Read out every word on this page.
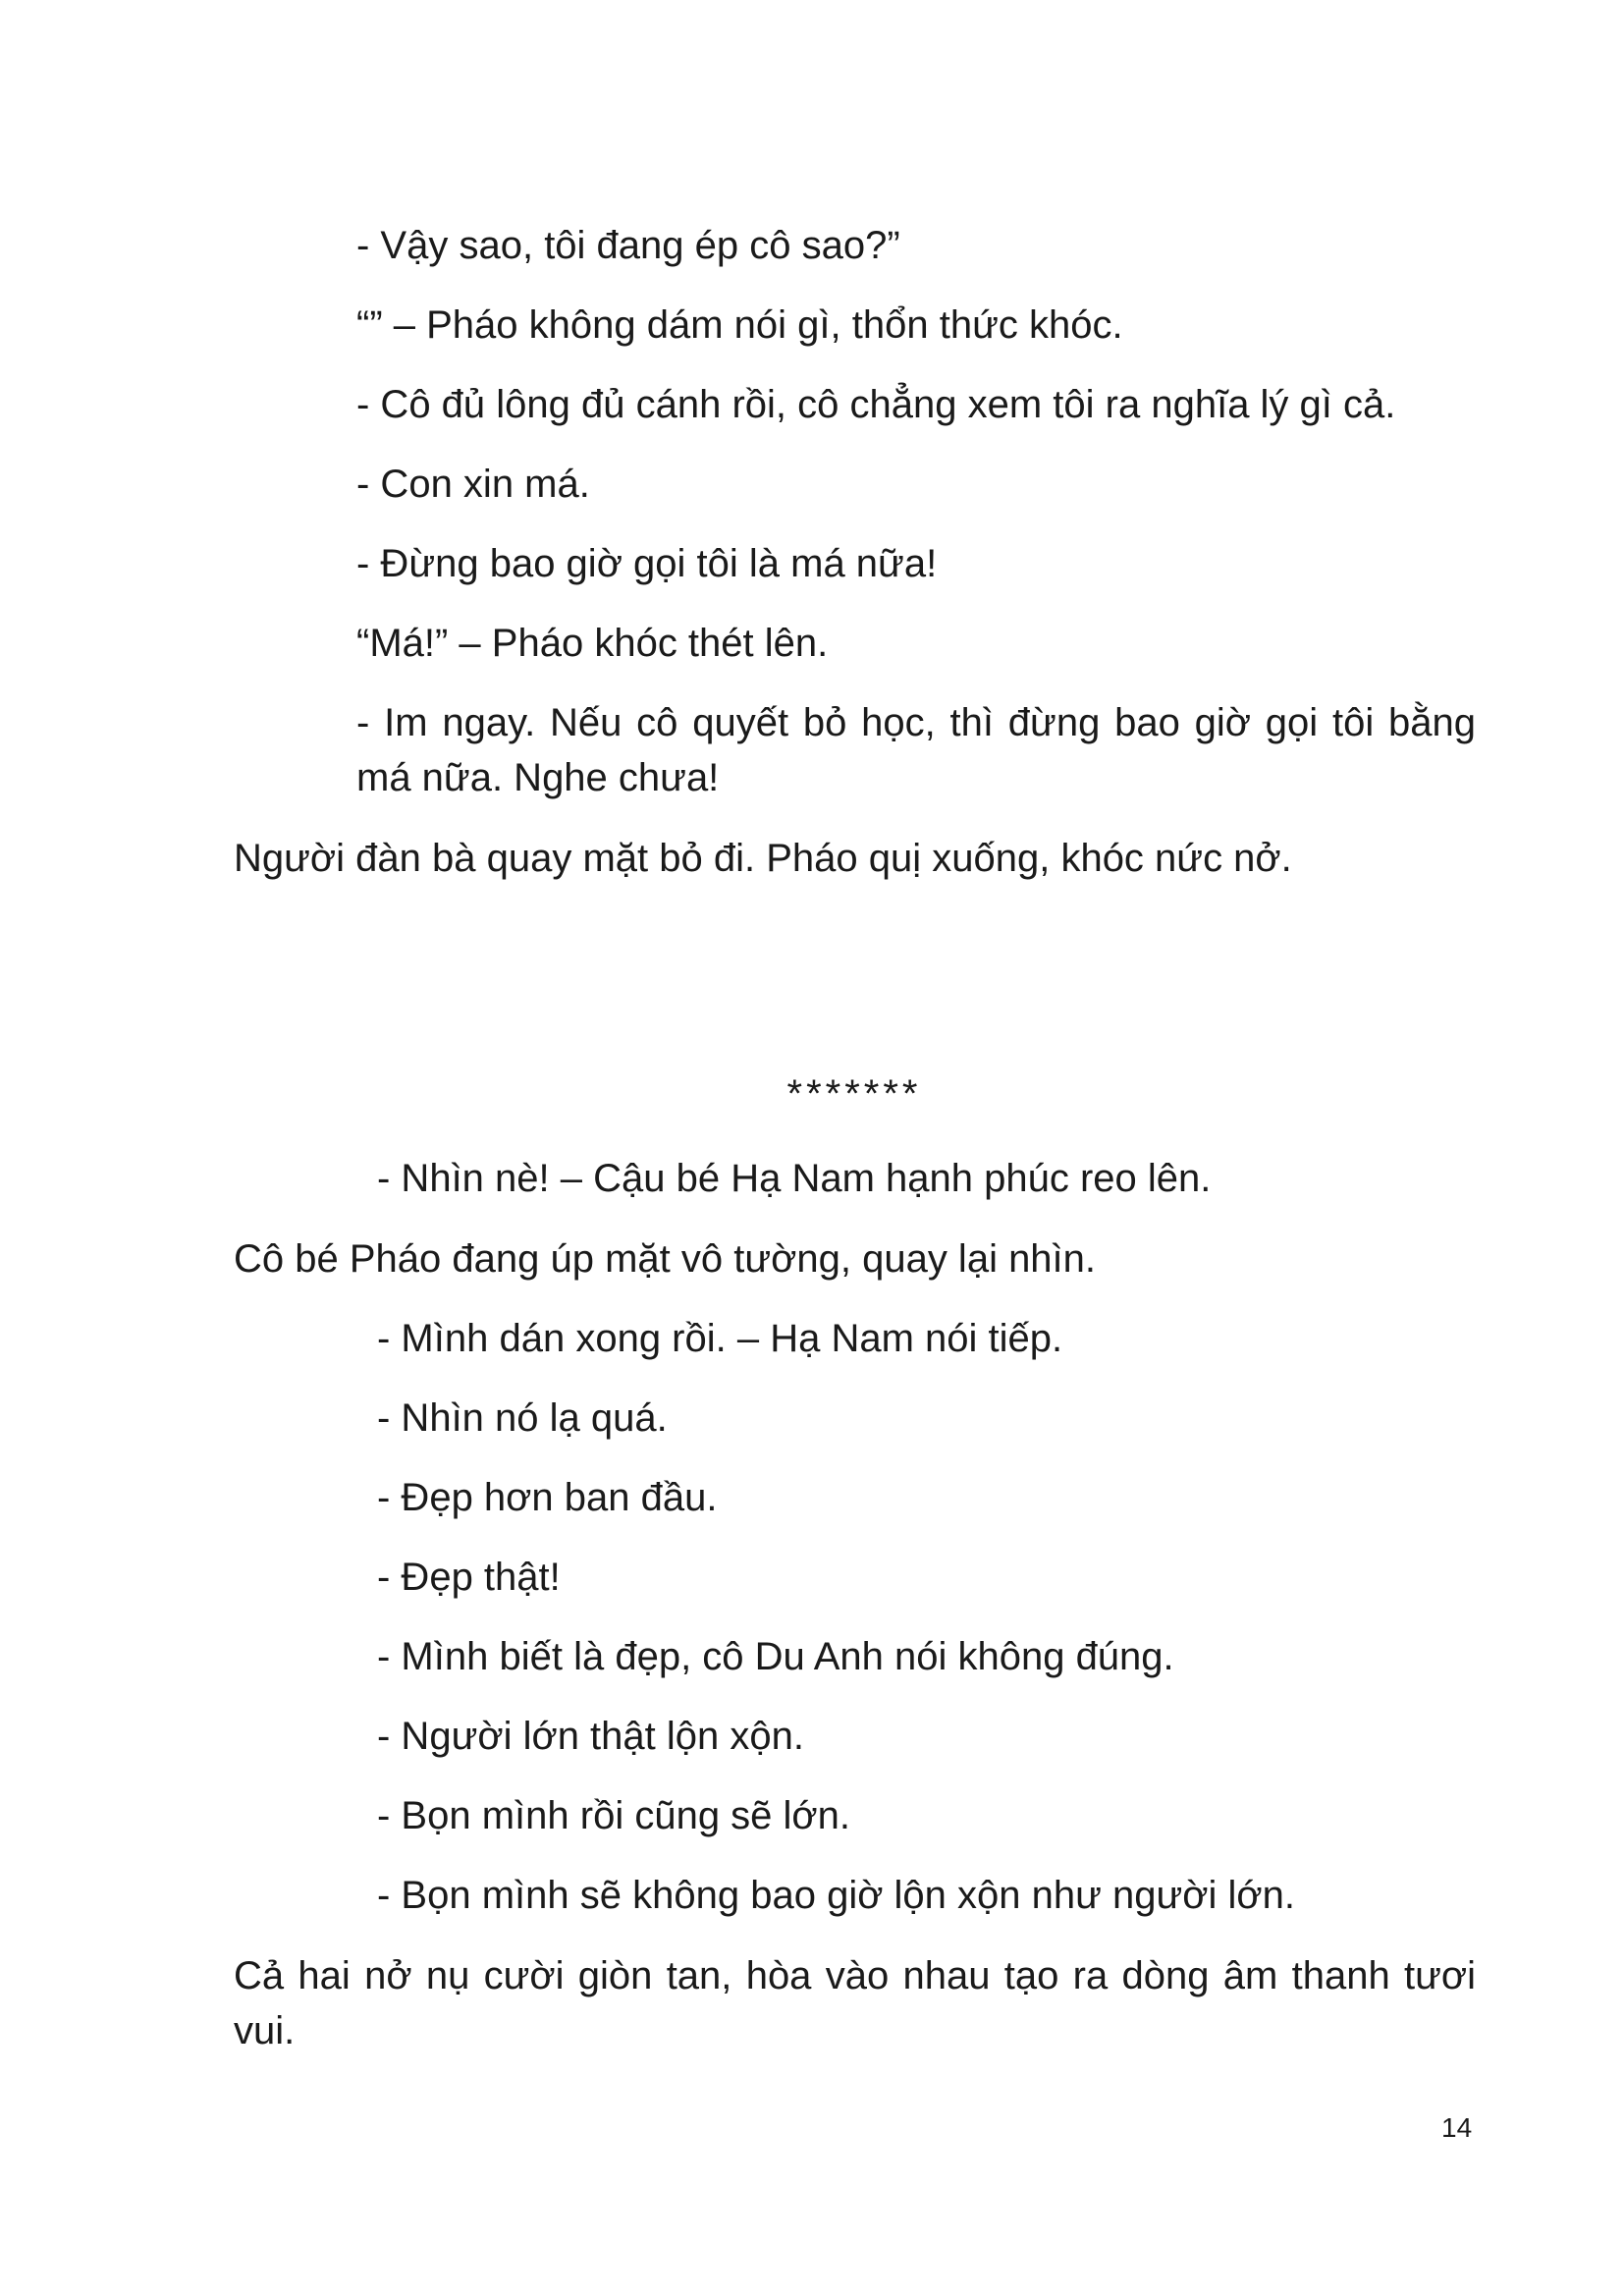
- Vậy sao, tôi đang ép cô sao?”
“” – Pháo không dám nói gì, thổn thức khóc.
- Cô đủ lông đủ cánh rồi, cô chẳng xem tôi ra nghĩa lý gì cả.
- Con xin má.
- Đừng bao giờ gọi tôi là má nữa!
“Má!” – Pháo khóc thét lên.
- Im ngay. Nếu cô quyết bỏ học, thì đừng bao giờ gọi tôi bằng má nữa. Nghe chưa!
Người đàn bà quay mặt bỏ đi. Pháo quị xuống, khóc nức nở.
*******
- Nhìn nè! – Cậu bé Hạ Nam hạnh phúc reo lên.
Cô bé Pháo đang úp mặt vô tường, quay lại nhìn.
- Mình dán xong rồi. – Hạ Nam nói tiếp.
- Nhìn nó lạ quá.
- Đẹp hơn ban đầu.
- Đẹp thật!
- Mình biết là đẹp, cô Du Anh nói không đúng.
- Người lớn thật lộn xộn.
- Bọn mình rồi cũng sẽ lớn.
- Bọn mình sẽ không bao giờ lộn xộn như người lớn.
Cả hai nở nụ cười giòn tan, hòa vào nhau tạo ra dòng âm thanh tươi vui.
14
